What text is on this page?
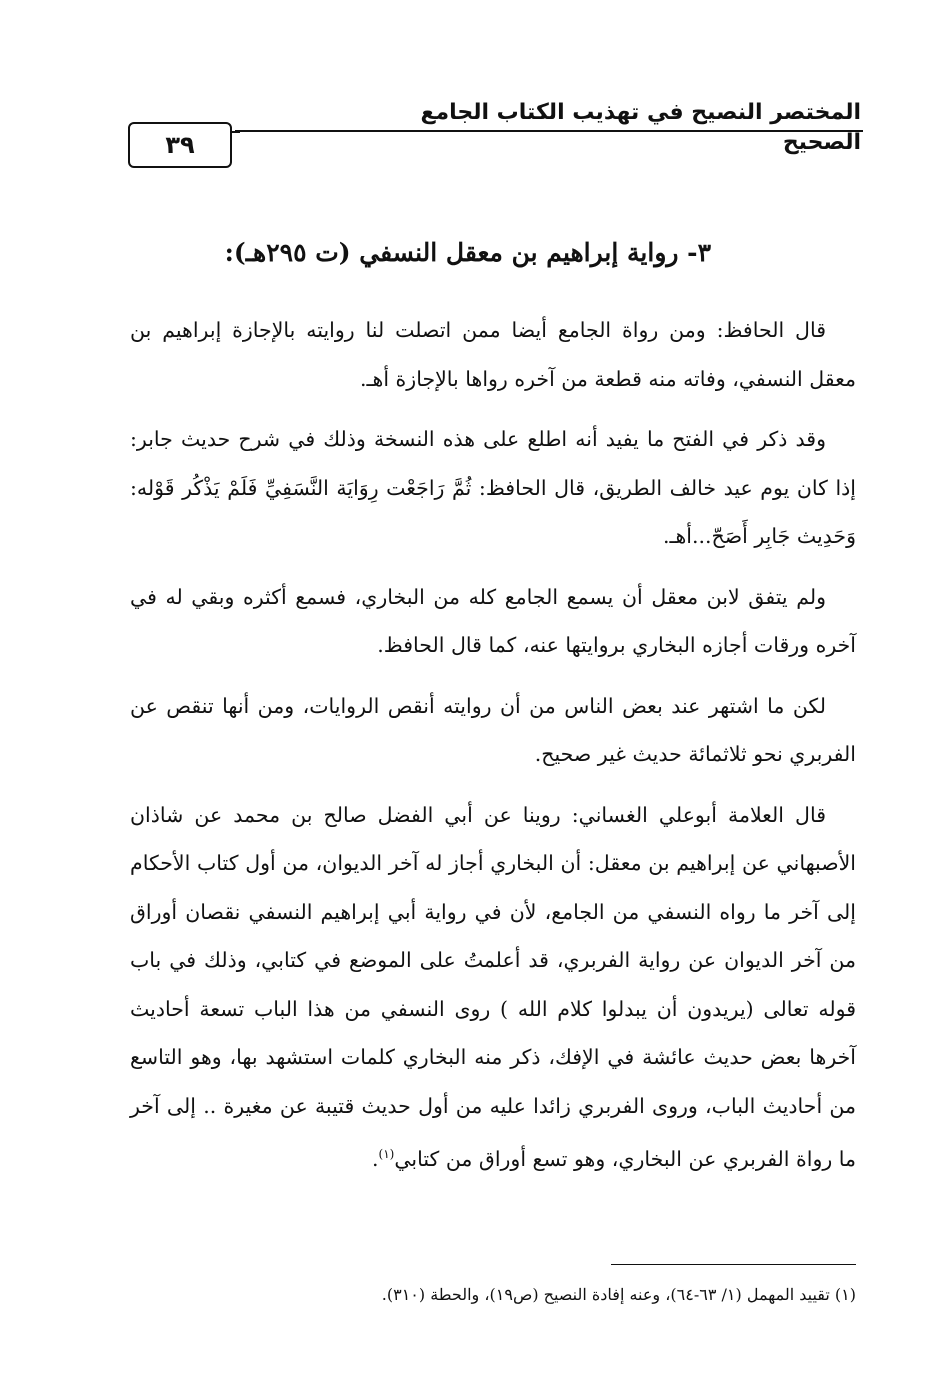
المختصر النصيح في تهذيب الكتاب الجامع الصحيح
٣٩
٣- رواية إبراهيم بن معقل النسفي (ت ٢٩٥هـ):

قال الحافظ: ومن رواة الجامع أيضا ممن اتصلت لنا روايته بالإجازة إبراهيم بن معقل النسفي، وفاته منه قطعة من آخره رواها بالإجازة أهـ.

وقد ذكر في الفتح ما يفيد أنه اطلع على هذه النسخة وذلك في شرح حديث جابر: إذا كان يوم عيد خالف الطريق، قال الحافظ: ثُمَّ رَاجَعْت رِوَايَة النَّسَفِيِّ فَلَمْ يَذْكُر قَوْله: وَحَدِيث جَابِر أَصَحّ...أهـ.

ولم يتفق لابن معقل أن يسمع الجامع كله من البخاري، فسمع أكثره وبقي له في آخره ورقات أجازه البخاري بروايتها عنه، كما قال الحافظ.

لكن ما اشتهر عند بعض الناس من أن روايته أنقص الروايات، ومن أنها تنقص عن الفربري نحو ثلاثمائة حديث غير صحيح.

قال العلامة أبوعلي الغساني: روينا عن أبي الفضل صالح بن محمد عن شاذان الأصبهاني عن إبراهيم بن معقل: أن البخاري أجاز له آخر الديوان، من أول كتاب الأحكام إلى آخر ما رواه النسفي من الجامع، لأن في رواية أبي إبراهيم النسفي نقصان أوراق من آخر الديوان عن رواية الفربري، قد أعلمتُ على الموضع في كتابي، وذلك في باب قوله تعالى (يريدون أن يبدلوا كلام الله ) روى النسفي من هذا الباب تسعة أحاديث آخرها بعض حديث عائشة في الإفك، ذكر منه البخاري كلمات استشهد بها، وهو التاسع من أحاديث الباب، وروى الفربري زائدا عليه من أول حديث قتيبة عن مغيرة .. إلى آخر ما رواة الفربري عن البخاري، وهو تسع أوراق من كتابي$^{(١)}$.

(١) تقييد المهمل (١/ ٦٣-٦٤)، وعنه إفادة النصيح (ص١٩)، والحطة (٣١٠).
